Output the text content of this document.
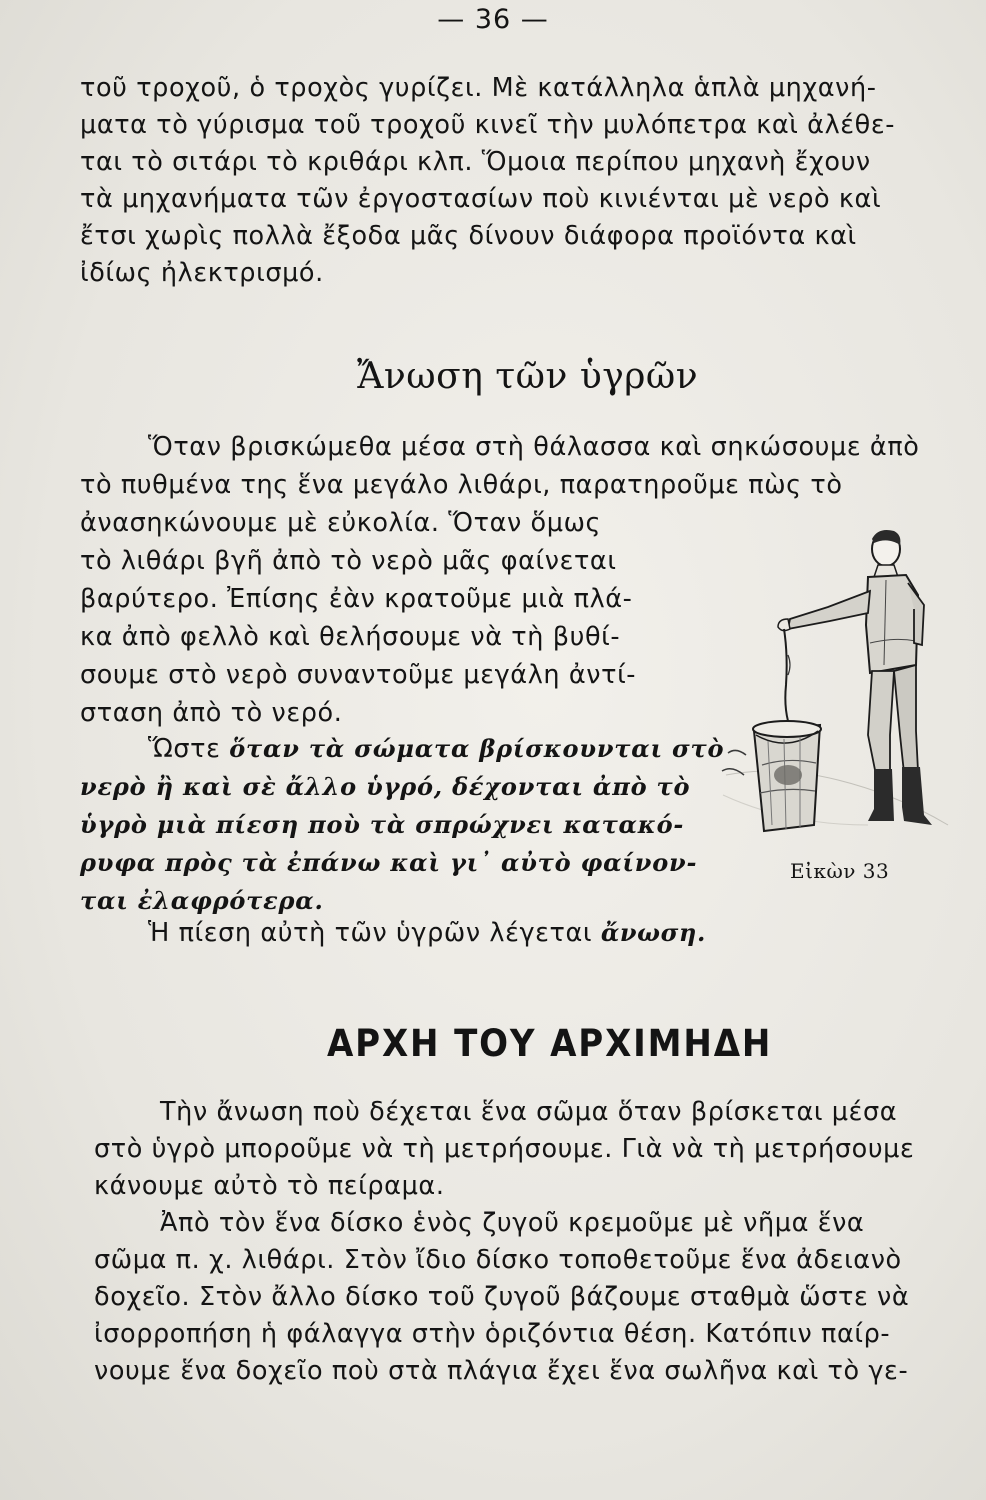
— 36 —
τοῦ τροχοῦ, ὁ τροχὸς γυρίζει. Μὲ κατάλληλα ἁπλὰ μηχανή-
ματα τὸ γύρισμα τοῦ τροχοῦ κινεῖ τὴν μυλόπετρα καὶ ἀλέθε-
ται τὸ σιτάρι τὸ κριθάρι κλπ. Ὅμοια περίπου μηχανὴ ἔχουν
τὰ μηχανήματα τῶν ἐργοστασίων ποὺ κινιένται μὲ νερὸ καὶ
ἔτσι χωρὶς πολλὰ ἔξοδα μᾶς δίνουν διάφορα προϊόντα καὶ
ἰδίως ἠλεκτρισμό.
Ἄνωση τῶν ὑγρῶν
Ὅταν βρισκώμεθα μέσα στὴ θάλασσα καὶ σηκώσουμε ἀπὸ
τὸ πυθμένα της ἕνα μεγάλο λιθάρι, παρατηροῦμε πὼς τὸ
ἀνασηκώνουμε μὲ εὐκολία. Ὅταν ὅμως
τὸ λιθάρι βγῆ ἀπὸ τὸ νερὸ μᾶς φαίνεται
βαρύτερο. Ἐπίσης ἐὰν κρατοῦμε μιὰ πλά-
κα ἀπὸ φελλὸ καὶ θελήσουμε νὰ τὴ βυθί-
σουμε στὸ νερὸ συναντοῦμε μεγάλη ἀντί-
σταση ἀπὸ τὸ νερό.
Ὥστε ὅταν τὰ σώματα βρίσκουνται στὸ
νερὸ ἢ καὶ σὲ ἄλλο ὑγρό, δέχονται ἀπὸ τὸ
ὑγρὸ μιὰ πίεση ποὺ τὰ σπρώχνει κατακό-
ρυφα πρὸς τὰ ἐπάνω καὶ γι᾽ αὐτὸ φαίνον-
ται ἐλαφρότερα.
Ἡ πίεση αὐτὴ τῶν ὑγρῶν λέγεται ἄνωση.
Εἰκὼν 33
ΑΡΧΗ ΤΟΥ ΑΡΧΙΜΗΔΗ
Τὴν ἄνωση ποὺ δέχεται ἕνα σῶμα ὅταν βρίσκεται μέσα
στὸ ὑγρὸ μποροῦμε νὰ τὴ μετρήσουμε. Γιὰ νὰ τὴ μετρήσουμε
κάνουμε αὐτὸ τὸ πείραμα.
Ἀπὸ τὸν ἕνα δίσκο ἑνὸς ζυγοῦ κρεμοῦμε μὲ νῆμα ἕνα
σῶμα π. χ. λιθάρι. Στὸν ἴδιο δίσκο τοποθετοῦμε ἕνα ἀδειανὸ
δοχεῖο. Στὸν ἄλλο δίσκο τοῦ ζυγοῦ βάζουμε σταθμὰ ὥστε νὰ
ἰσορροπήση ἡ φάλαγγα στὴν ὁριζόντια θέση. Κατόπιν παίρ-
νουμε ἕνα δοχεῖο ποὺ στὰ πλάγια ἔχει ἕνα σωλῆνα καὶ τὸ γε-
